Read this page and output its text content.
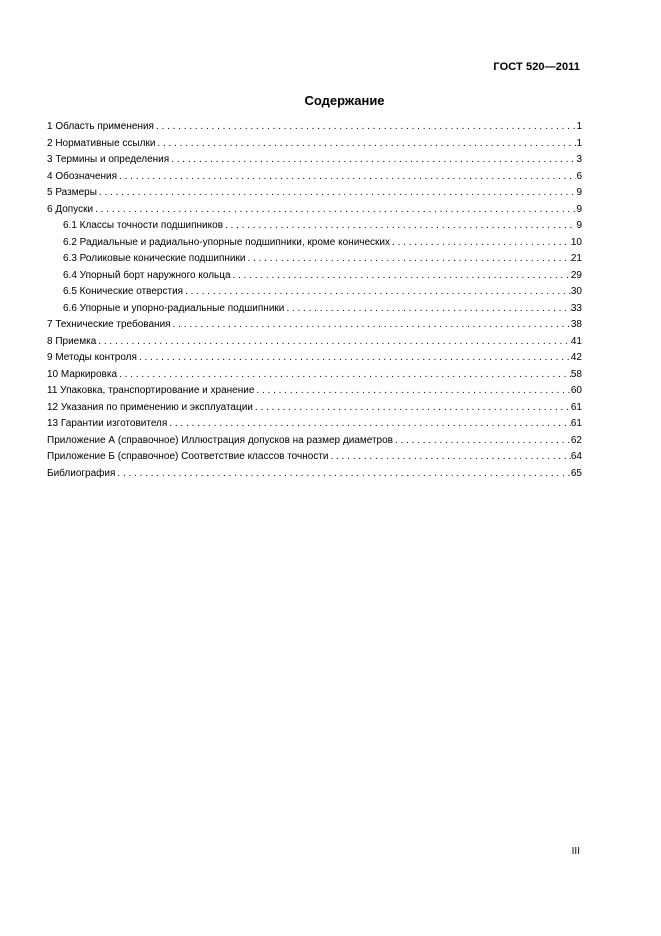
ГОСТ 520—2011
Содержание
1 Область применения . . .	1
2 Нормативные ссылки . . .	1
3 Термины и определения . . .	3
4 Обозначения . . .	6
5 Размеры . . .	9
6 Допуски . . .	9
6.1 Классы точности подшипников . . .	9
6.2 Радиальные и радиально-упорные подшипники, кроме конических . . .	10
6.3 Роликовые конические подшипники . . .	21
6.4 Упорный борт наружного кольца . . .	29
6.5 Конические отверстия . . .	30
6.6 Упорные и упорно-радиальные подшипники . . .	33
7 Технические требования . . .	38
8 Приемка . . .	41
9 Методы контроля . . .	42
10 Маркировка . . .	58
11 Упаковка, транспортирование и хранение . . .	60
12 Указания по применению и эксплуатации . . .	61
13 Гарантии изготовителя . . .	61
Приложение А (справочное) Иллюстрация допусков на размер диаметров . . .	62
Приложение Б (справочное) Соответствие классов точности . . .	64
Библиография . . .	65
III
